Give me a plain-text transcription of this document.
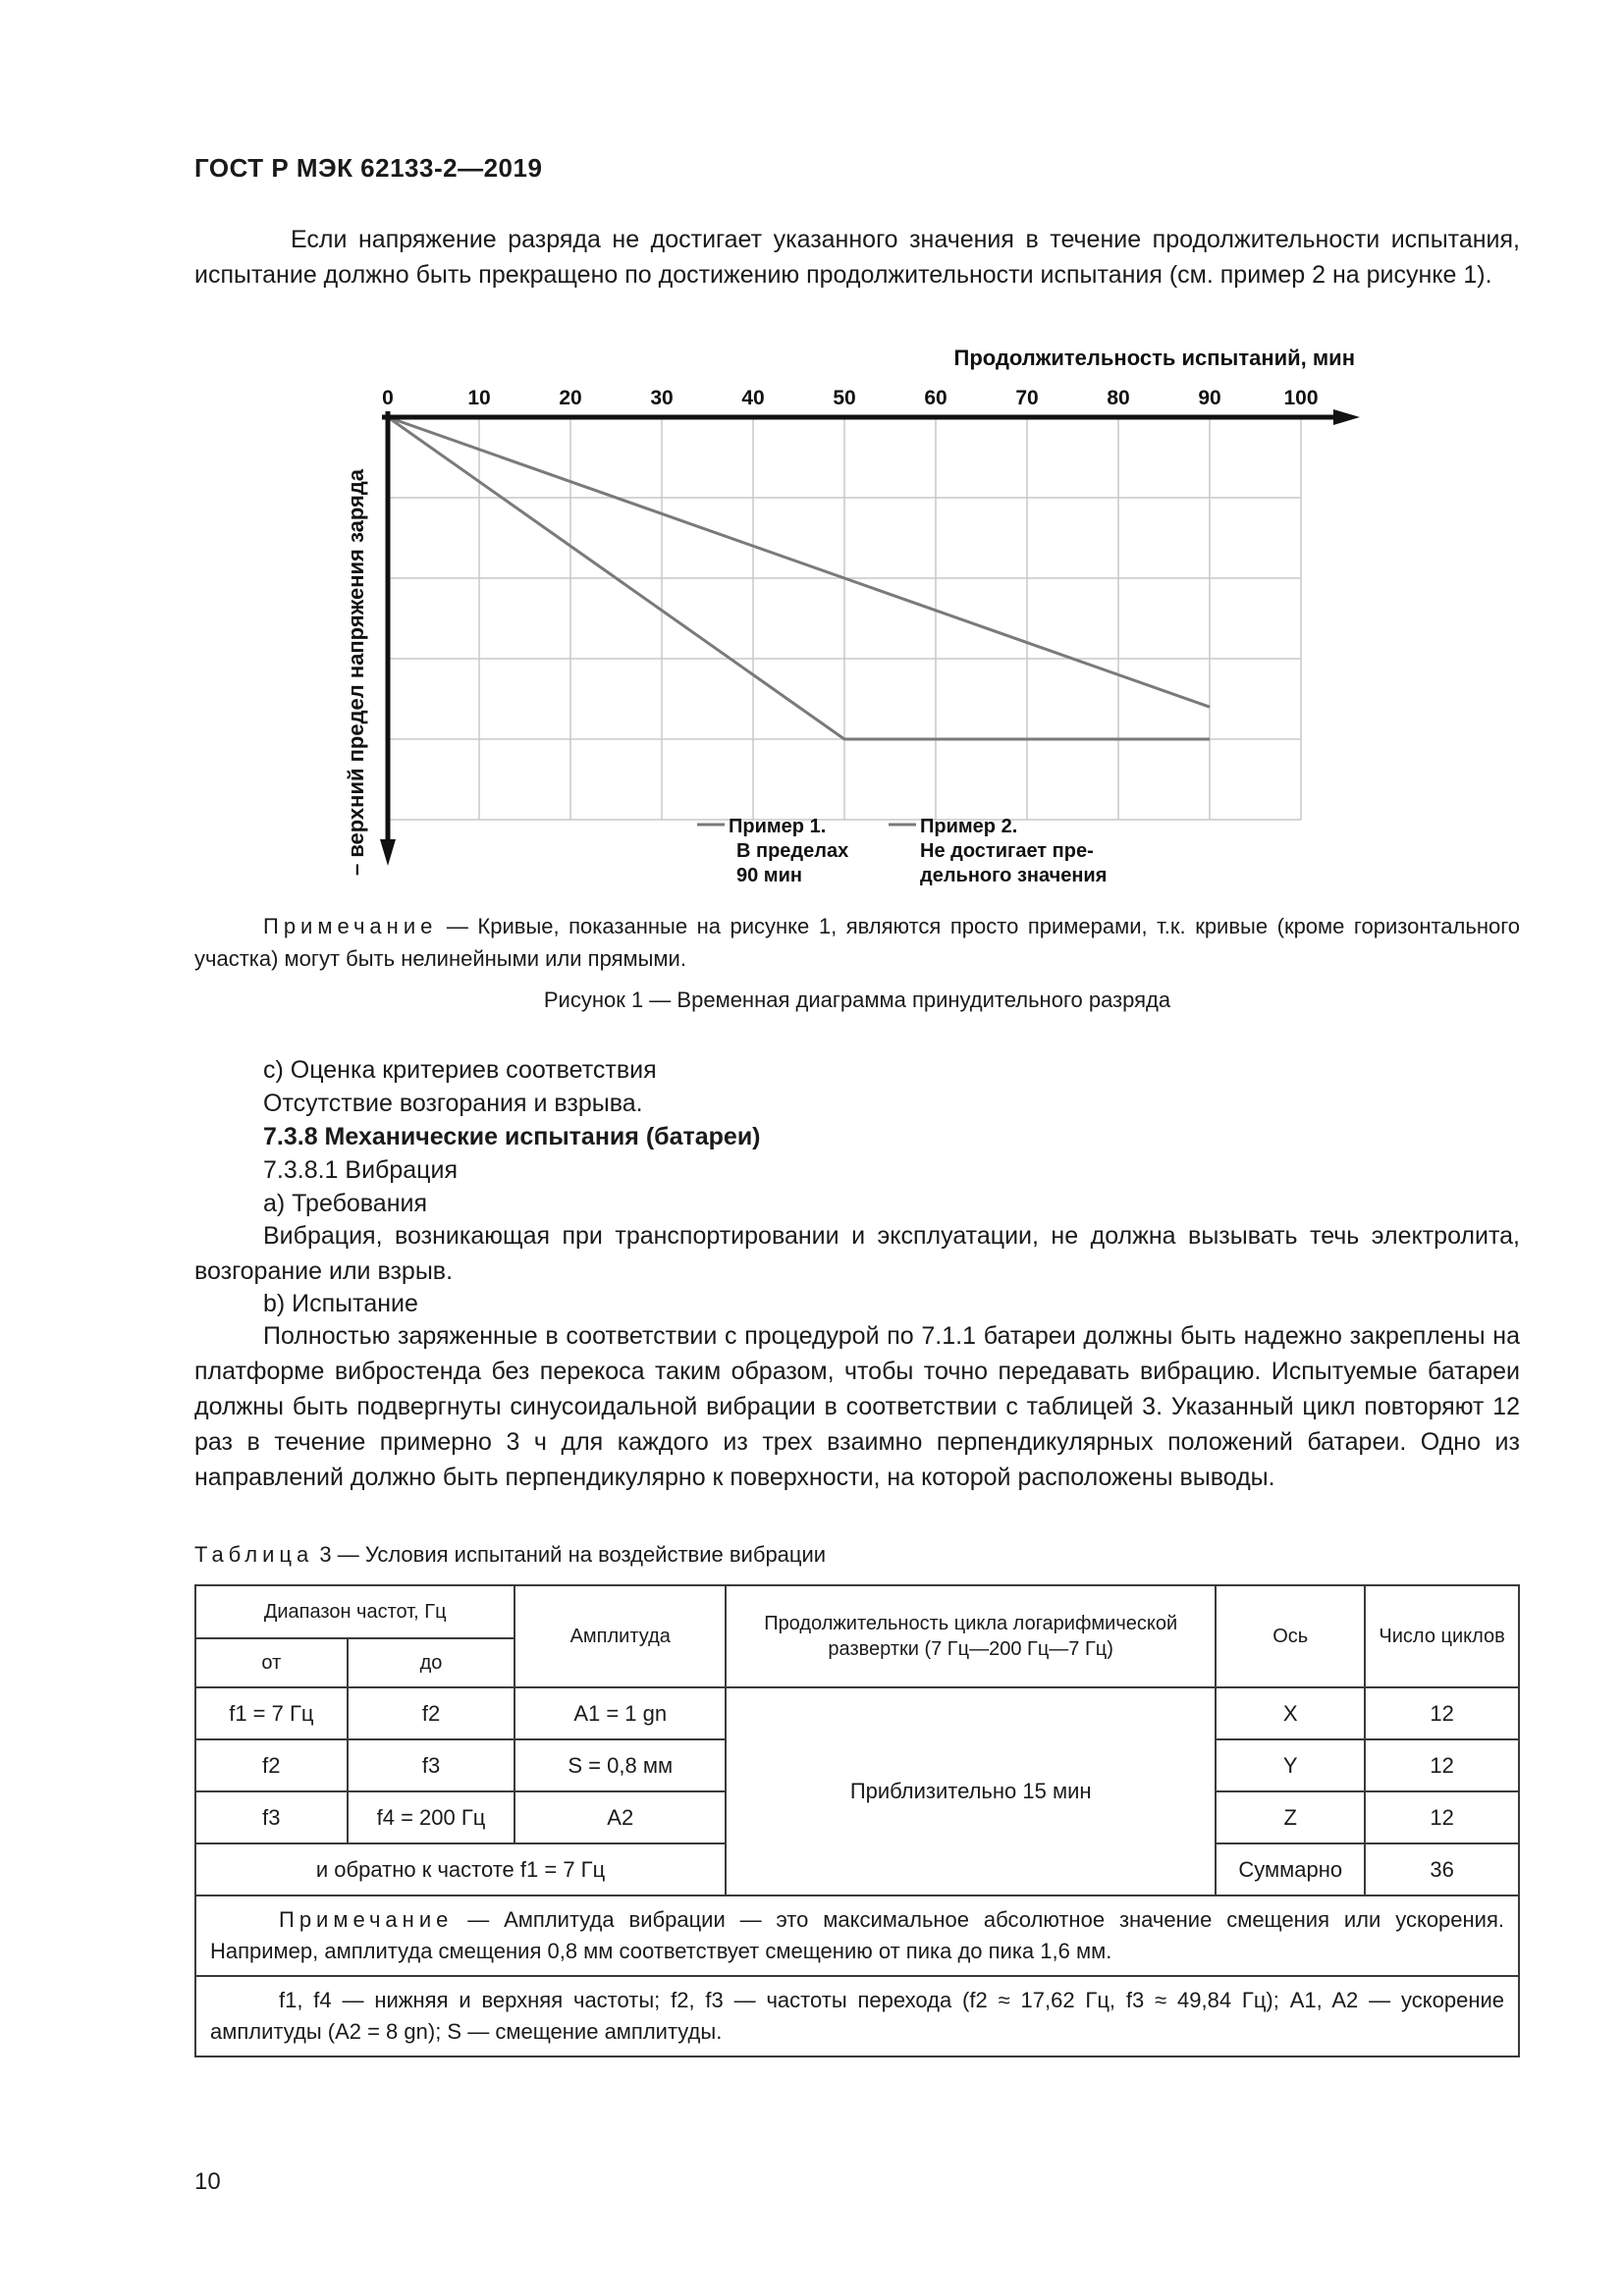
ГОСТ Р МЭК 62133-2—2019
Если напряжение разряда не достигает указанного значения в течение продолжительности испытания, испытание должно быть прекращено по достижению продолжительности испытания (см. пример 2 на рисунке 1).
Продолжительность испытаний, мин
– верхний предел напряжения заряда
0	10	20	30	40	50	60	70	80	90	100
Пример 1.
В пределах
90 мин
Пример 2.
Не достигает пре-
дельного значения
Примечание — Кривые, показанные на рисунке 1, являются просто примерами, т.к. кривые (кроме горизонтального участка) могут быть нелинейными или прямыми.
Рисунок 1 — Временная диаграмма принудительного разряда
c) Оценка критериев соответствия
Отсутствие возгорания и взрыва.
7.3.8 Механические испытания (батареи)
7.3.8.1 Вибрация
a) Требования
Вибрация, возникающая при транспортировании и эксплуатации, не должна вызывать течь электролита, возгорание или взрыв.
b) Испытание
Полностью заряженные в соответствии с процедурой по 7.1.1 батареи должны быть надежно закреплены на платформе вибростенда без перекоса таким образом, чтобы точно передавать вибрацию. Испытуемые батареи должны быть подвергнуты синусоидальной вибрации в соответствии с таблицей 3. Указанный цикл повторяют 12 раз в течение примерно 3 ч для каждого из трех взаимно перпендикулярных положений батареи. Одно из направлений должно быть перпендикулярно к поверхности, на которой расположены выводы.
Таблица 3 — Условия испытаний на воздействие вибрации
Диапазон частот, Гц		Амплитуда	Продолжительность цикла логарифмической развертки (7 Гц—200 Гц—7 Гц)	Ось	Число циклов
от	до				
f1 = 7 Гц	f2	A1 = 1 gn	Приблизительно 15 мин	X	12
f2	f3	S = 0,8 мм		Y	12
f3	f4 = 200 Гц	A2		Z	12
и обратно к частоте f1 = 7 Гц				Суммарно	36
Примечание — Амплитуда вибрации — это максимальное абсолютное значение смещения или ускорения. Например, амплитуда смещения 0,8 мм соответствует смещению от пика до пика 1,6 мм.					
f1, f4 — нижняя и верхняя частоты; f2, f3 — частоты перехода (f2 ≈ 17,62 Гц, f3 ≈ 49,84 Гц); A1, A2 — ускорение амплитуды (A2 = 8 gn); S — смещение амплитуды.					
10
